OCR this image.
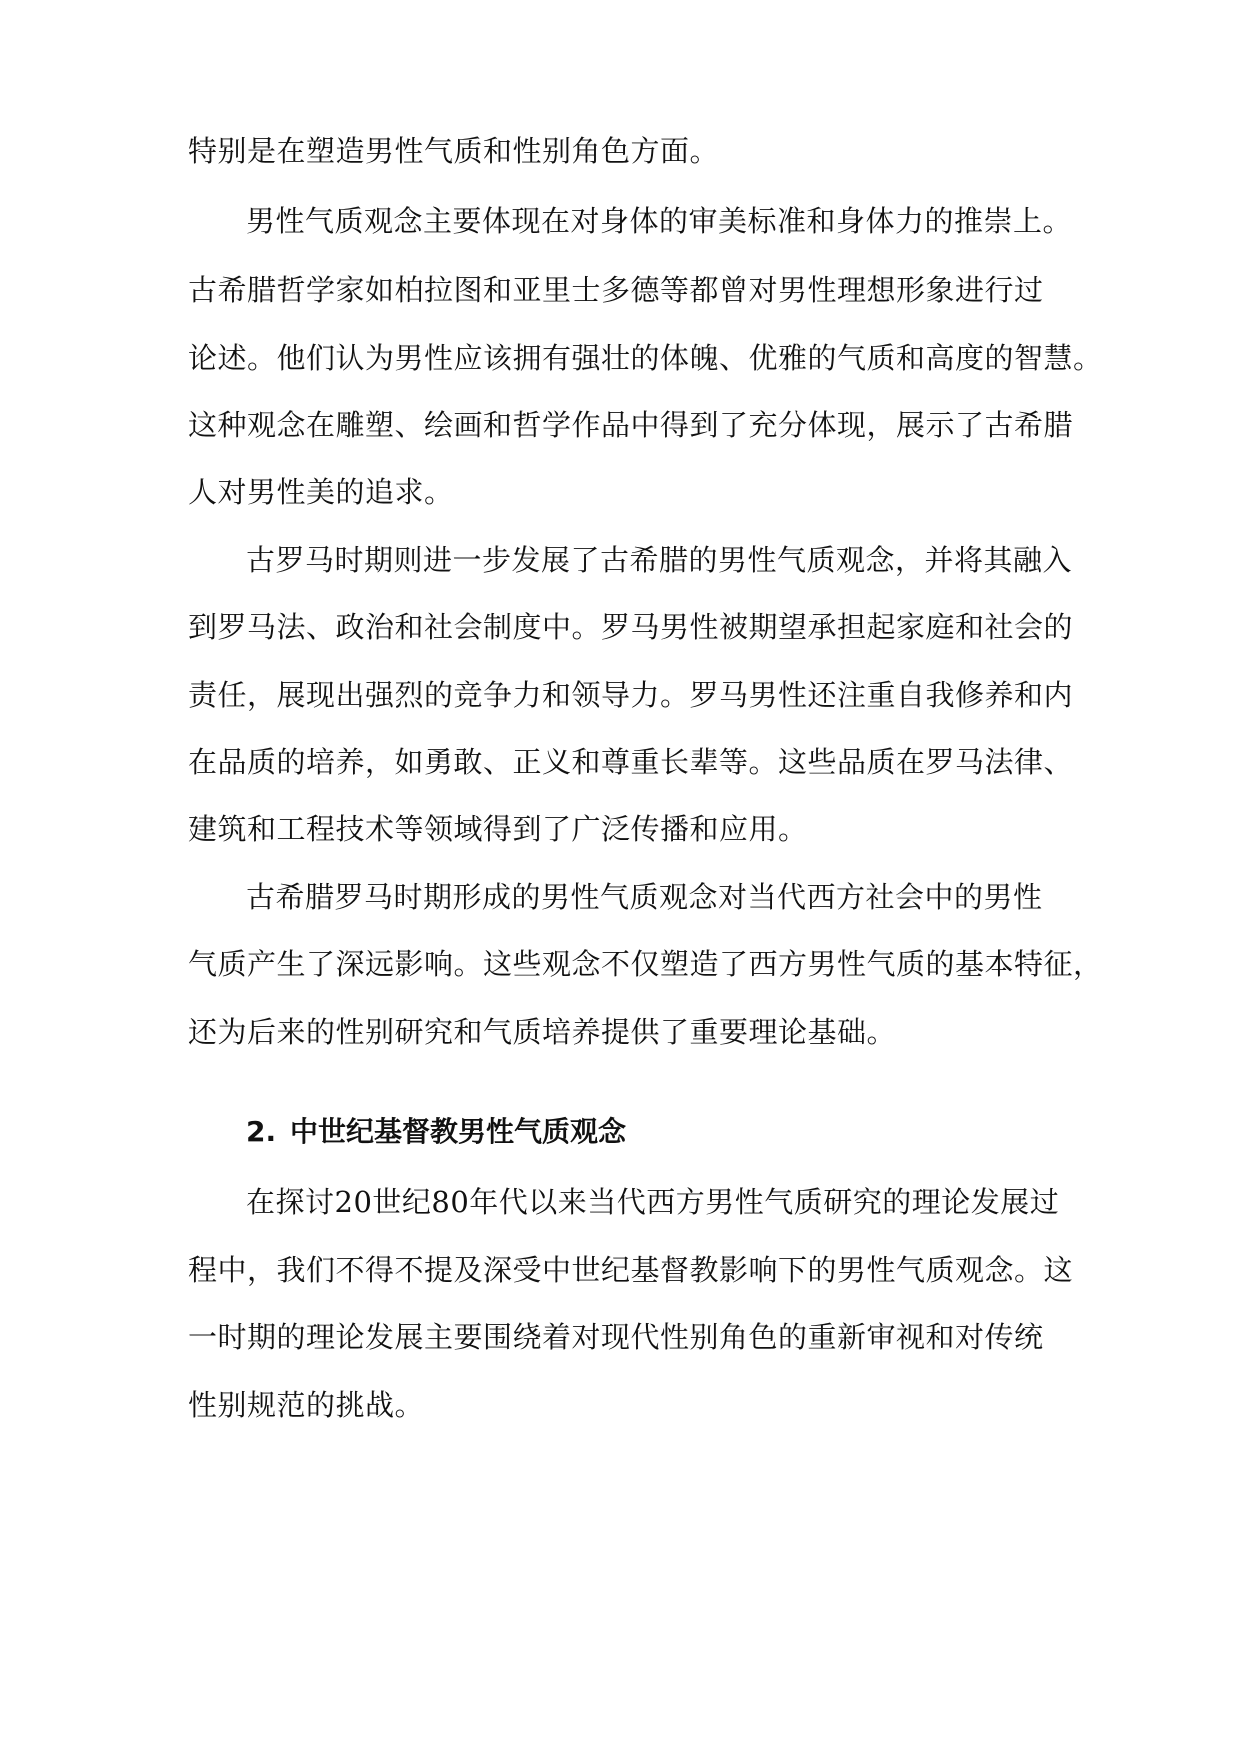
特别是在塑造男性气质和性别角色方面。
男性气质观念主要体现在对身体的审美标准和身体力的推崇上。
古希腊哲学家如柏拉图和亚里士多德等都曾对男性理想形象进行过
论述。他们认为男性应该拥有强壮的体魄、优雅的气质和高度的智慧。
这种观念在雕塑、绘画和哲学作品中得到了充分体现，展示了古希腊
人对男性美的追求。
古罗马时期则进一步发展了古希腊的男性气质观念，并将其融入
到罗马法、政治和社会制度中。罗马男性被期望承担起家庭和社会的
责任，展现出强烈的竞争力和领导力。罗马男性还注重自我修养和内
在品质的培养，如勇敢、正义和尊重长辈等。这些品质在罗马法律、
建筑和工程技术等领域得到了广泛传播和应用。
古希腊罗马时期形成的男性气质观念对当代西方社会中的男性
气质产生了深远影响。这些观念不仅塑造了西方男性气质的基本特征，
还为后来的性别研究和气质培养提供了重要理论基础。
2. 中世纪基督教男性气质观念
在探讨20世纪80年代以来当代西方男性气质研究的理论发展过
程中，我们不得不提及深受中世纪基督教影响下的男性气质观念。这
一时期的理论发展主要围绕着对现代性别角色的重新审视和对传统
性别规范的挑战。
